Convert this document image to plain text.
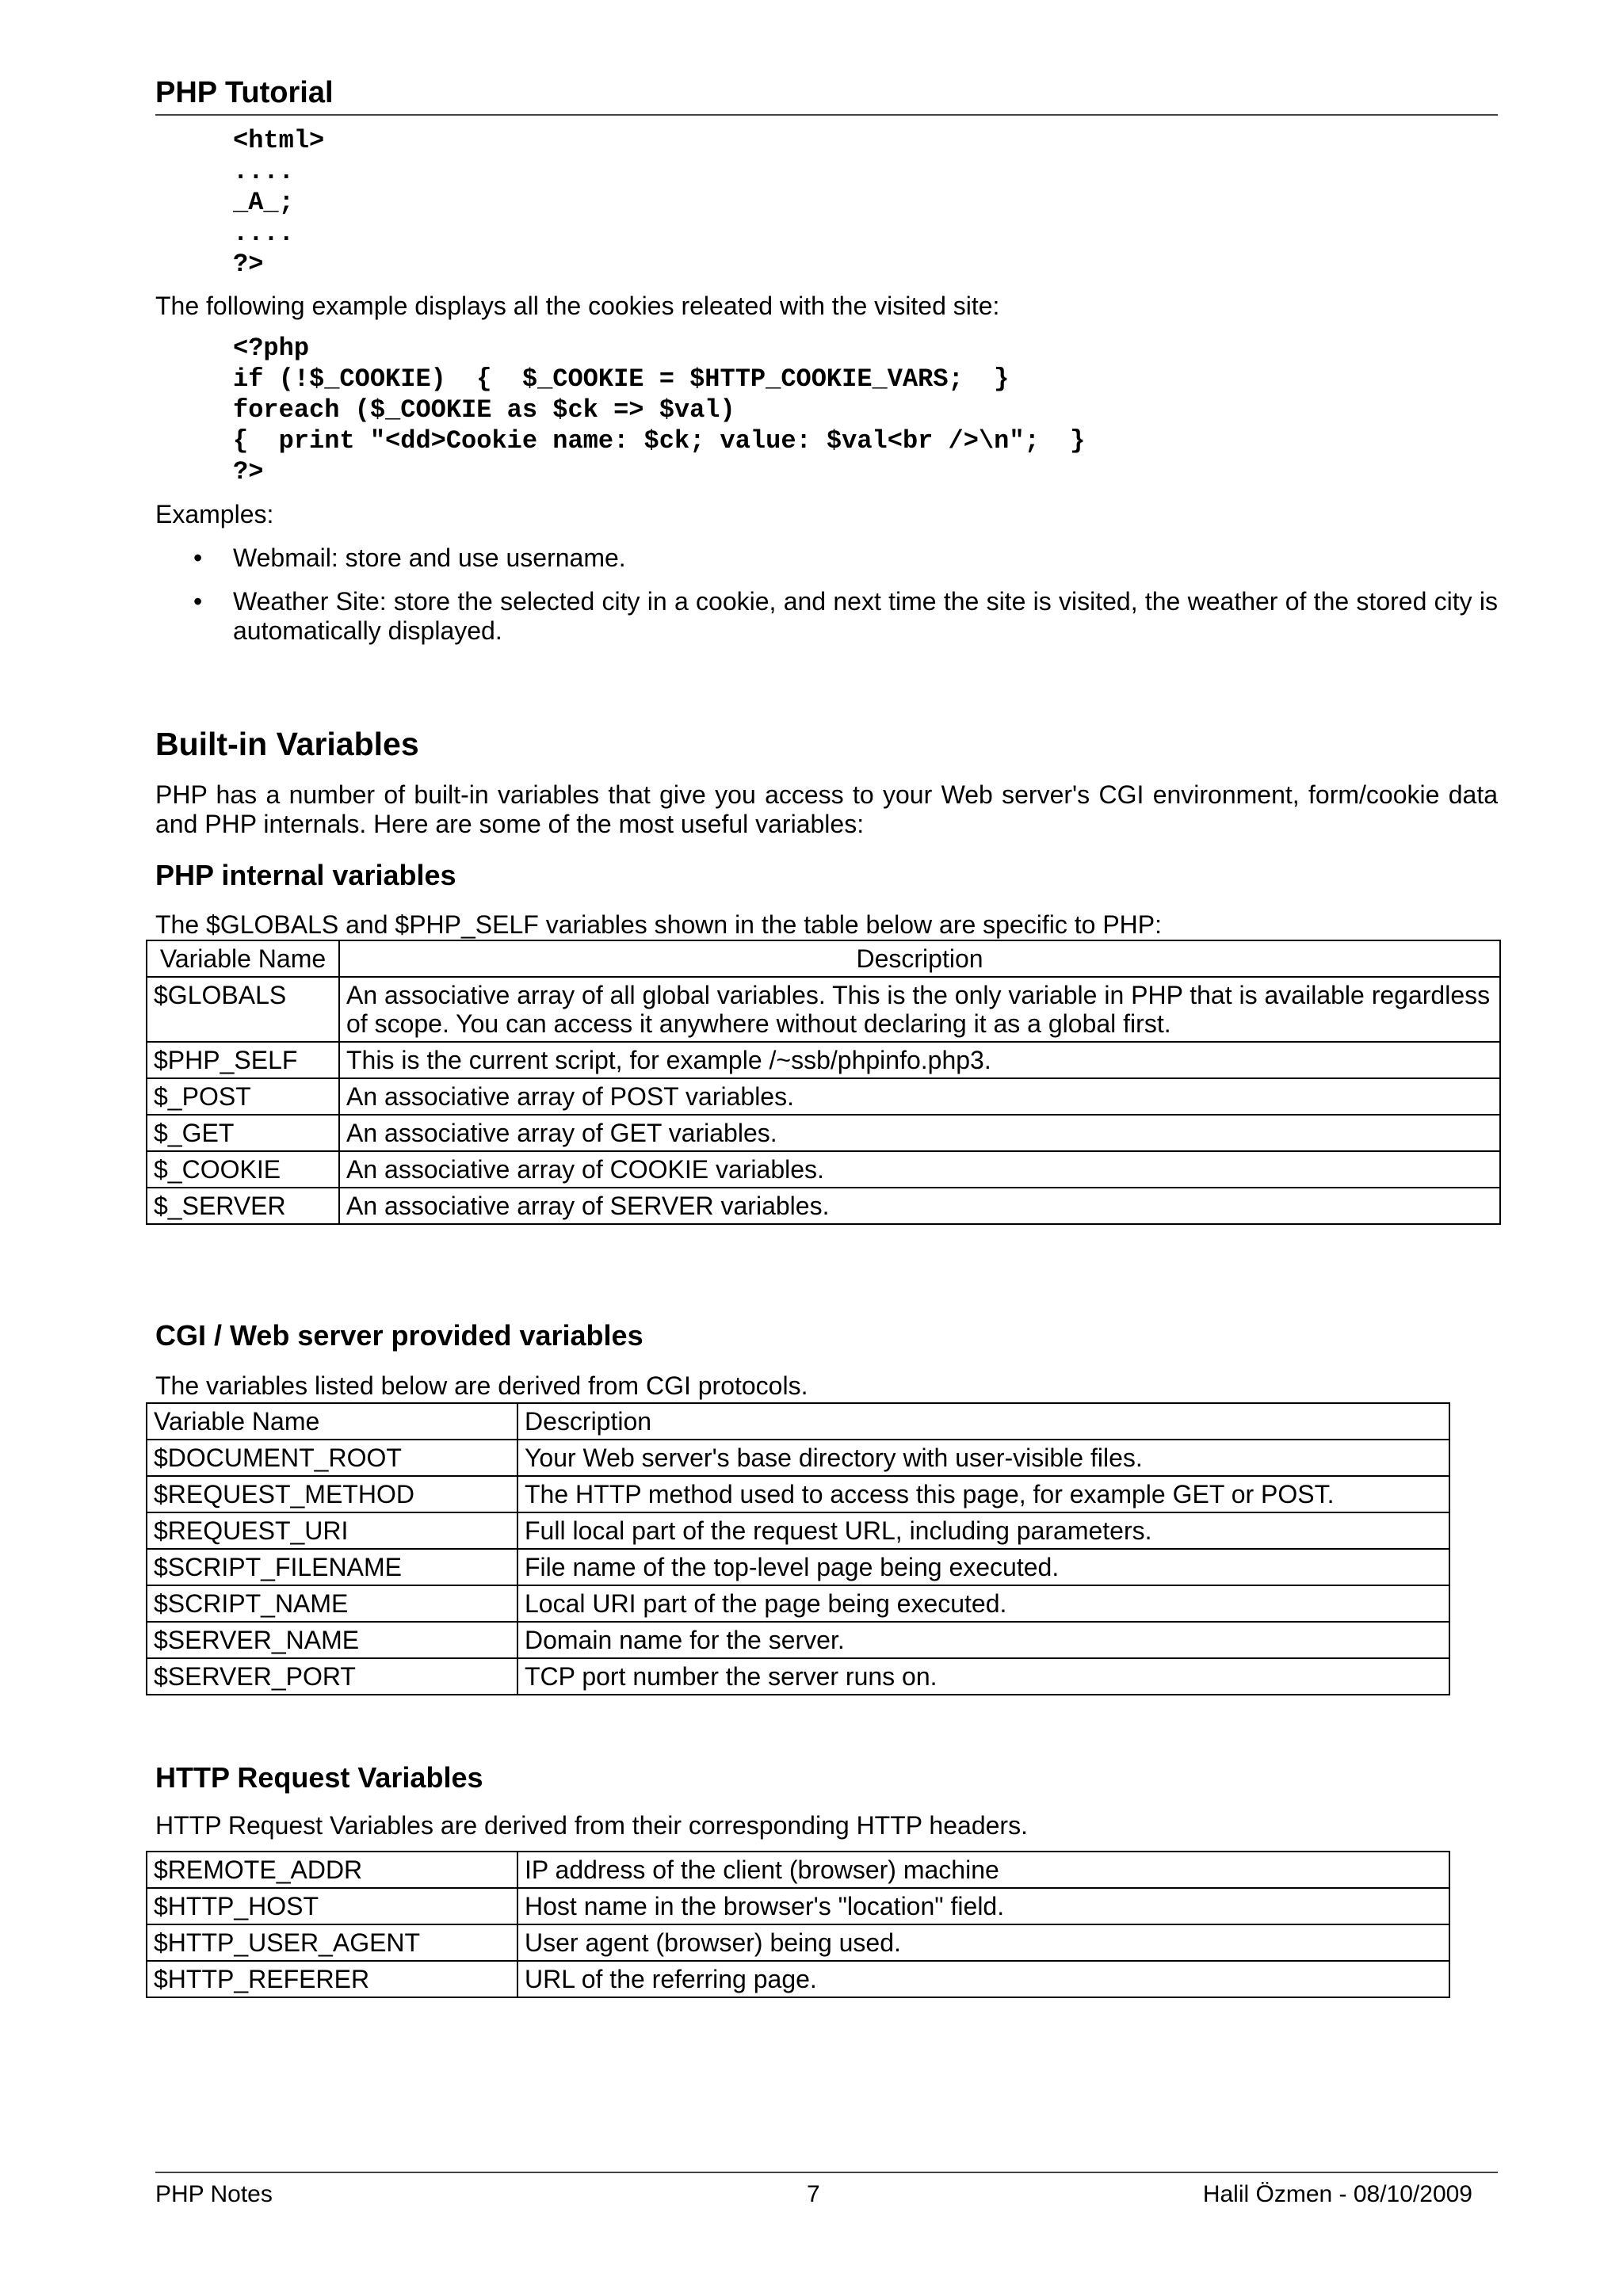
PHP Tutorial
<html>
....
_A_;
....
?>
The following example displays all the cookies releated with the visited site:
<?php
if (!$_COOKIE)  {  $_COOKIE = $HTTP_COOKIE_VARS;  }
foreach ($_COOKIE as $ck => $val)
{  print "<dd>Cookie name: $ck; value: $val<br />\n";  }
?>
Examples:
• Webmail: store and use username.
• Weather Site: store the selected city in a cookie, and next time the site is visited, the weather of the stored city is automatically displayed.
Built-in Variables
PHP has a number of built-in variables that give you access to your Web server's CGI environment, form/cookie data and PHP internals. Here are some of the most useful variables:
PHP internal variables
The $GLOBALS and $PHP_SELF variables shown in the table below are specific to PHP:
Variable Name	Description
$GLOBALS	An associative array of all global variables. This is the only variable in PHP that is available regardless of scope. You can access it anywhere without declaring it as a global first.
$PHP_SELF	This is the current script, for example /~ssb/phpinfo.php3.
$_POST	An associative array of POST variables.
$_GET	An associative array of GET variables.
$_COOKIE	An associative array of COOKIE variables.
$_SERVER	An associative array of SERVER variables.
CGI / Web server provided variables
The variables listed below are derived from CGI protocols.
Variable Name	Description
$DOCUMENT_ROOT	Your Web server's base directory with user-visible files.
$REQUEST_METHOD	The HTTP method used to access this page, for example GET or POST.
$REQUEST_URI	Full local part of the request URL, including parameters.
$SCRIPT_FILENAME	File name of the top-level page being executed.
$SCRIPT_NAME	Local URI part of the page being executed.
$SERVER_NAME	Domain name for the server.
$SERVER_PORT	TCP port number the server runs on.
HTTP Request Variables
HTTP Request Variables are derived from their corresponding HTTP headers.
$REMOTE_ADDR	IP address of the client (browser) machine
$HTTP_HOST	Host name in the browser's "location" field.
$HTTP_USER_AGENT	User agent (browser) being used.
$HTTP_REFERER	URL of the referring page.
PHP Notes	7	Halil Özmen - 08/10/2009
